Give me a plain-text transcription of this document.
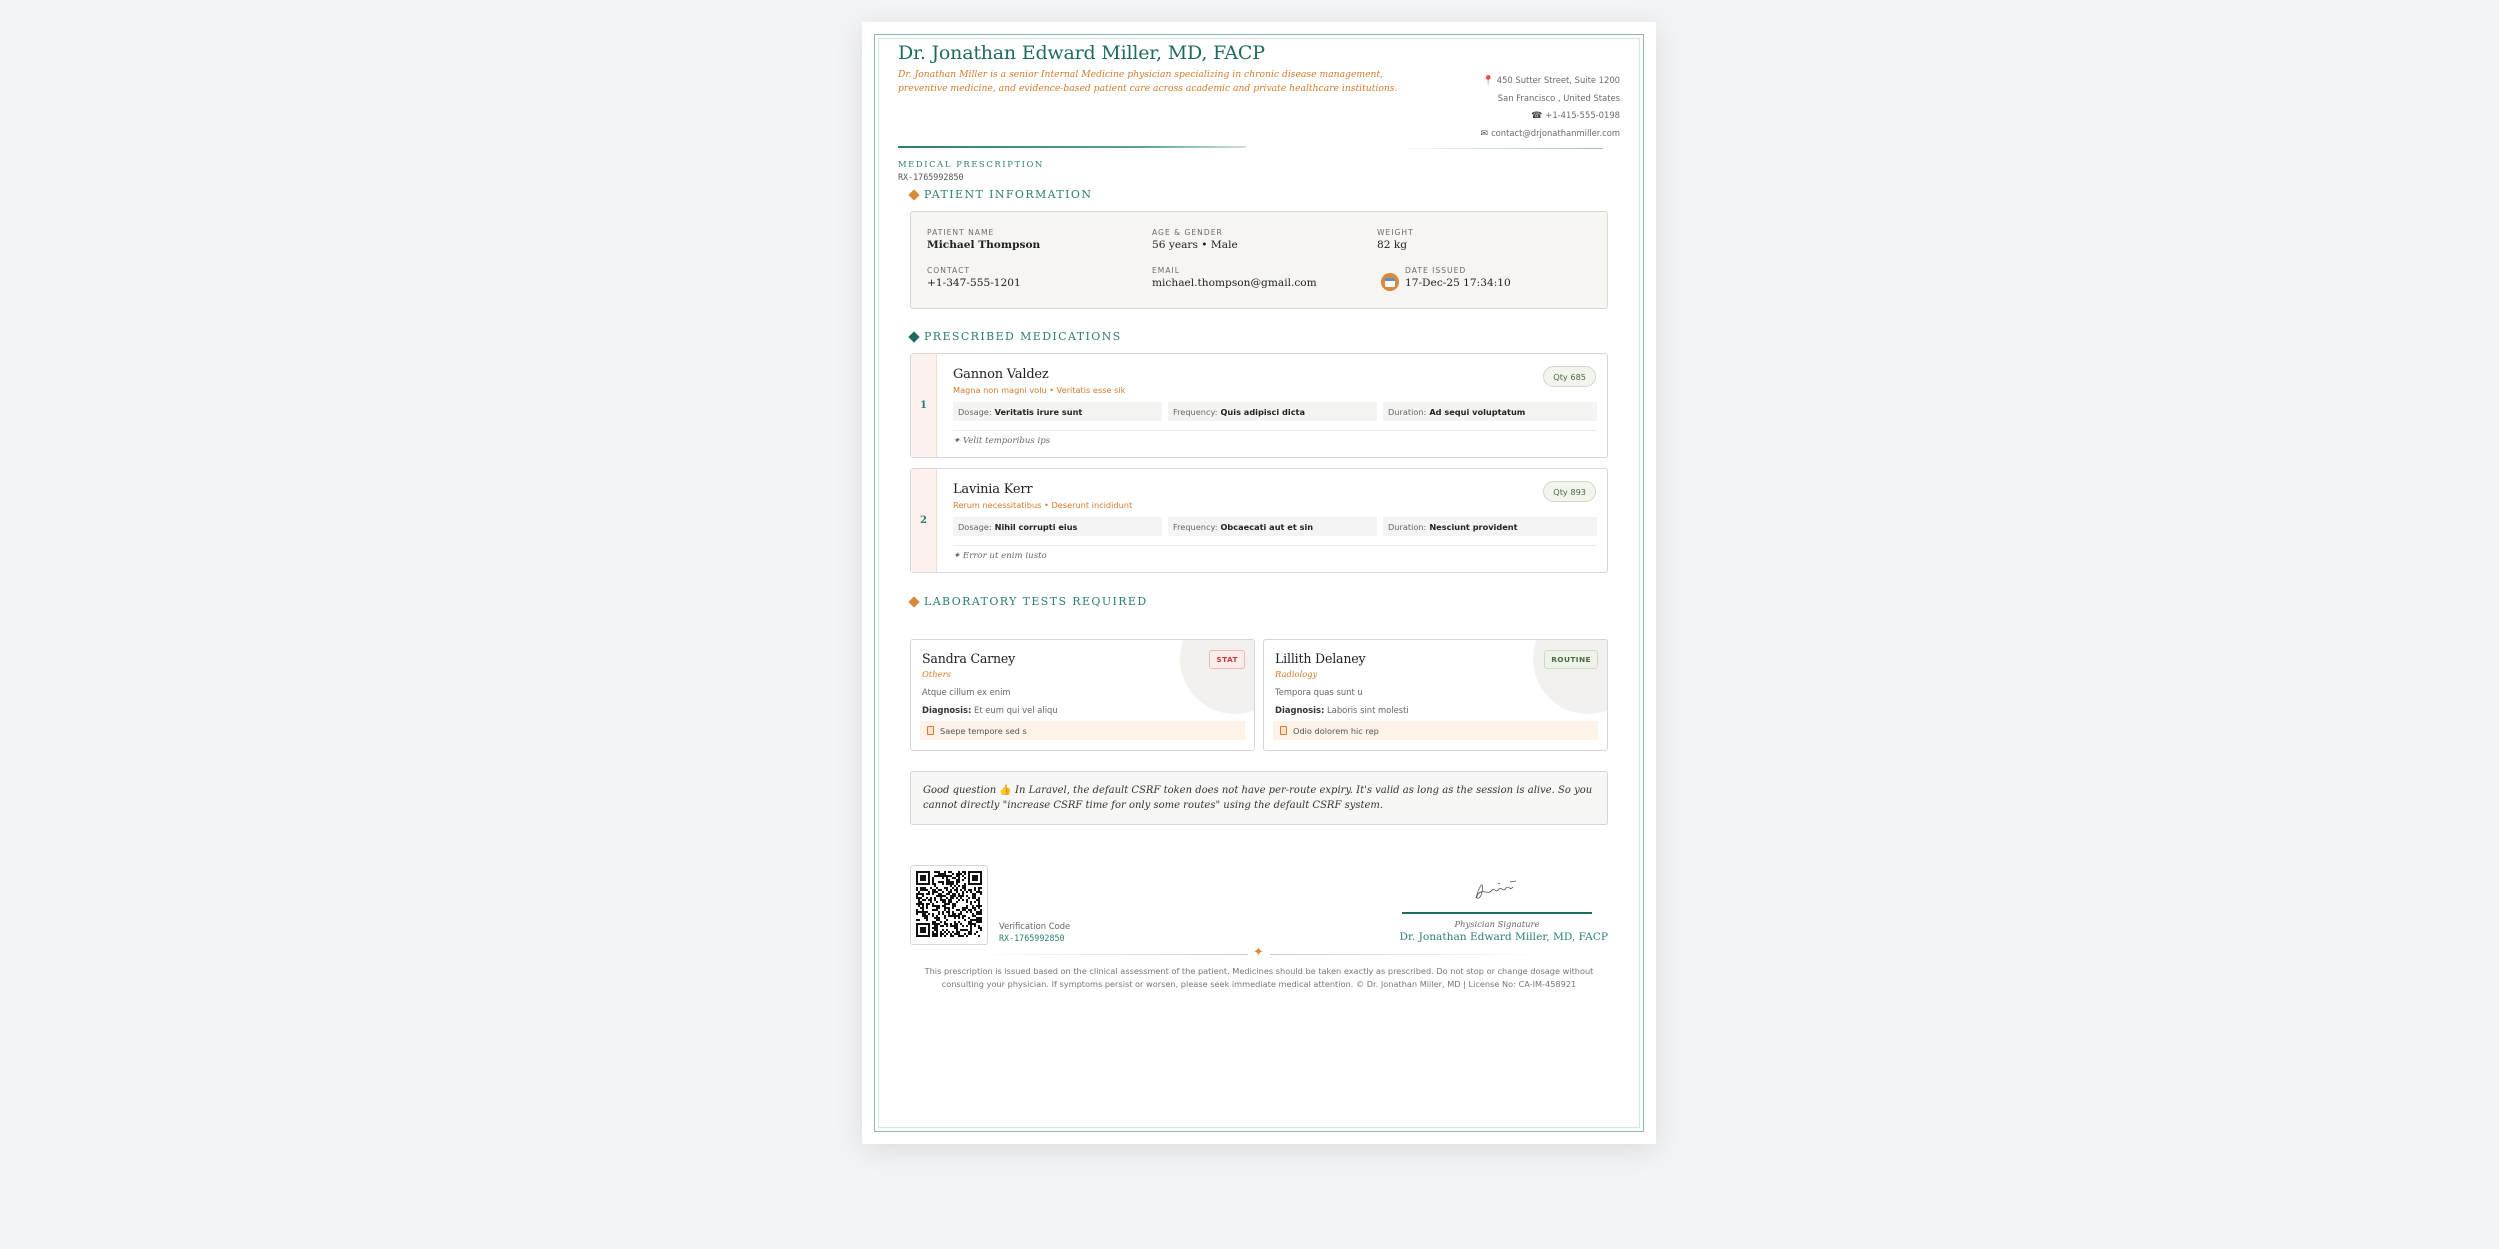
Dr. Jonathan Edward Miller, MD, FACP
Dr. Jonathan Miller is a senior Internal Medicine physician specializing in chronic disease management, preventive medicine, and evidence-based patient care across academic and private healthcare institutions.
📍 450 Sutter Street, Suite 1200
San Francisco , United States
☎ +1-415-555-0198
✉ contact@drjonathanmiller.com
MEDICAL PRESCRIPTION
RX-1765992850
PATIENT INFORMATION
PATIENT NAME
Michael Thompson
AGE & GENDER
56 years • Male
WEIGHT
82 kg
CONTACT
+1-347-555-1201
EMAIL
michael.thompson@gmail.com
DATE ISSUED
17-Dec-25 17:34:10
PRESCRIBED MEDICATIONS
1
Gannon Valdez
Magna non magni volu • Veritatis esse sik
Qty 685
Dosage: Veritatis irure sunt	Frequency: Quis adipisci dicta	Duration: Ad sequi voluptatum
✦ Velit temporibus ips
2
Lavinia Kerr
Rerum necessitatibus • Deserunt incididunt
Qty 893
Dosage: Nihil corrupti eius	Frequency: Obcaecati aut et sin	Duration: Nesciunt provident
✦ Error ut enim iusto
LABORATORY TESTS REQUIRED
Sandra Carney
Others
STAT
Atque cillum ex enim
Diagnosis: Et eum qui vel aliqu
Saepe tempore sed s
Lillith Delaney
Radiology
ROUTINE
Tempora quas sunt u
Diagnosis: Laboris sint molesti
Odio dolorem hic rep
Good question 👍 In Laravel, the default CSRF token does not have per-route expiry. It's valid as long as the session is alive. So you cannot directly "increase CSRF time for only some routes" using the default CSRF system.
Verification Code
RX-1765992850
Physician Signature
Dr. Jonathan Edward Miller, MD, FACP
✦
This prescription is issued based on the clinical assessment of the patient. Medicines should be taken exactly as prescribed. Do not stop or change dosage without consulting your physician. If symptoms persist or worsen, please seek immediate medical attention. © Dr. Jonathan Miller, MD | License No: CA-IM-458921
